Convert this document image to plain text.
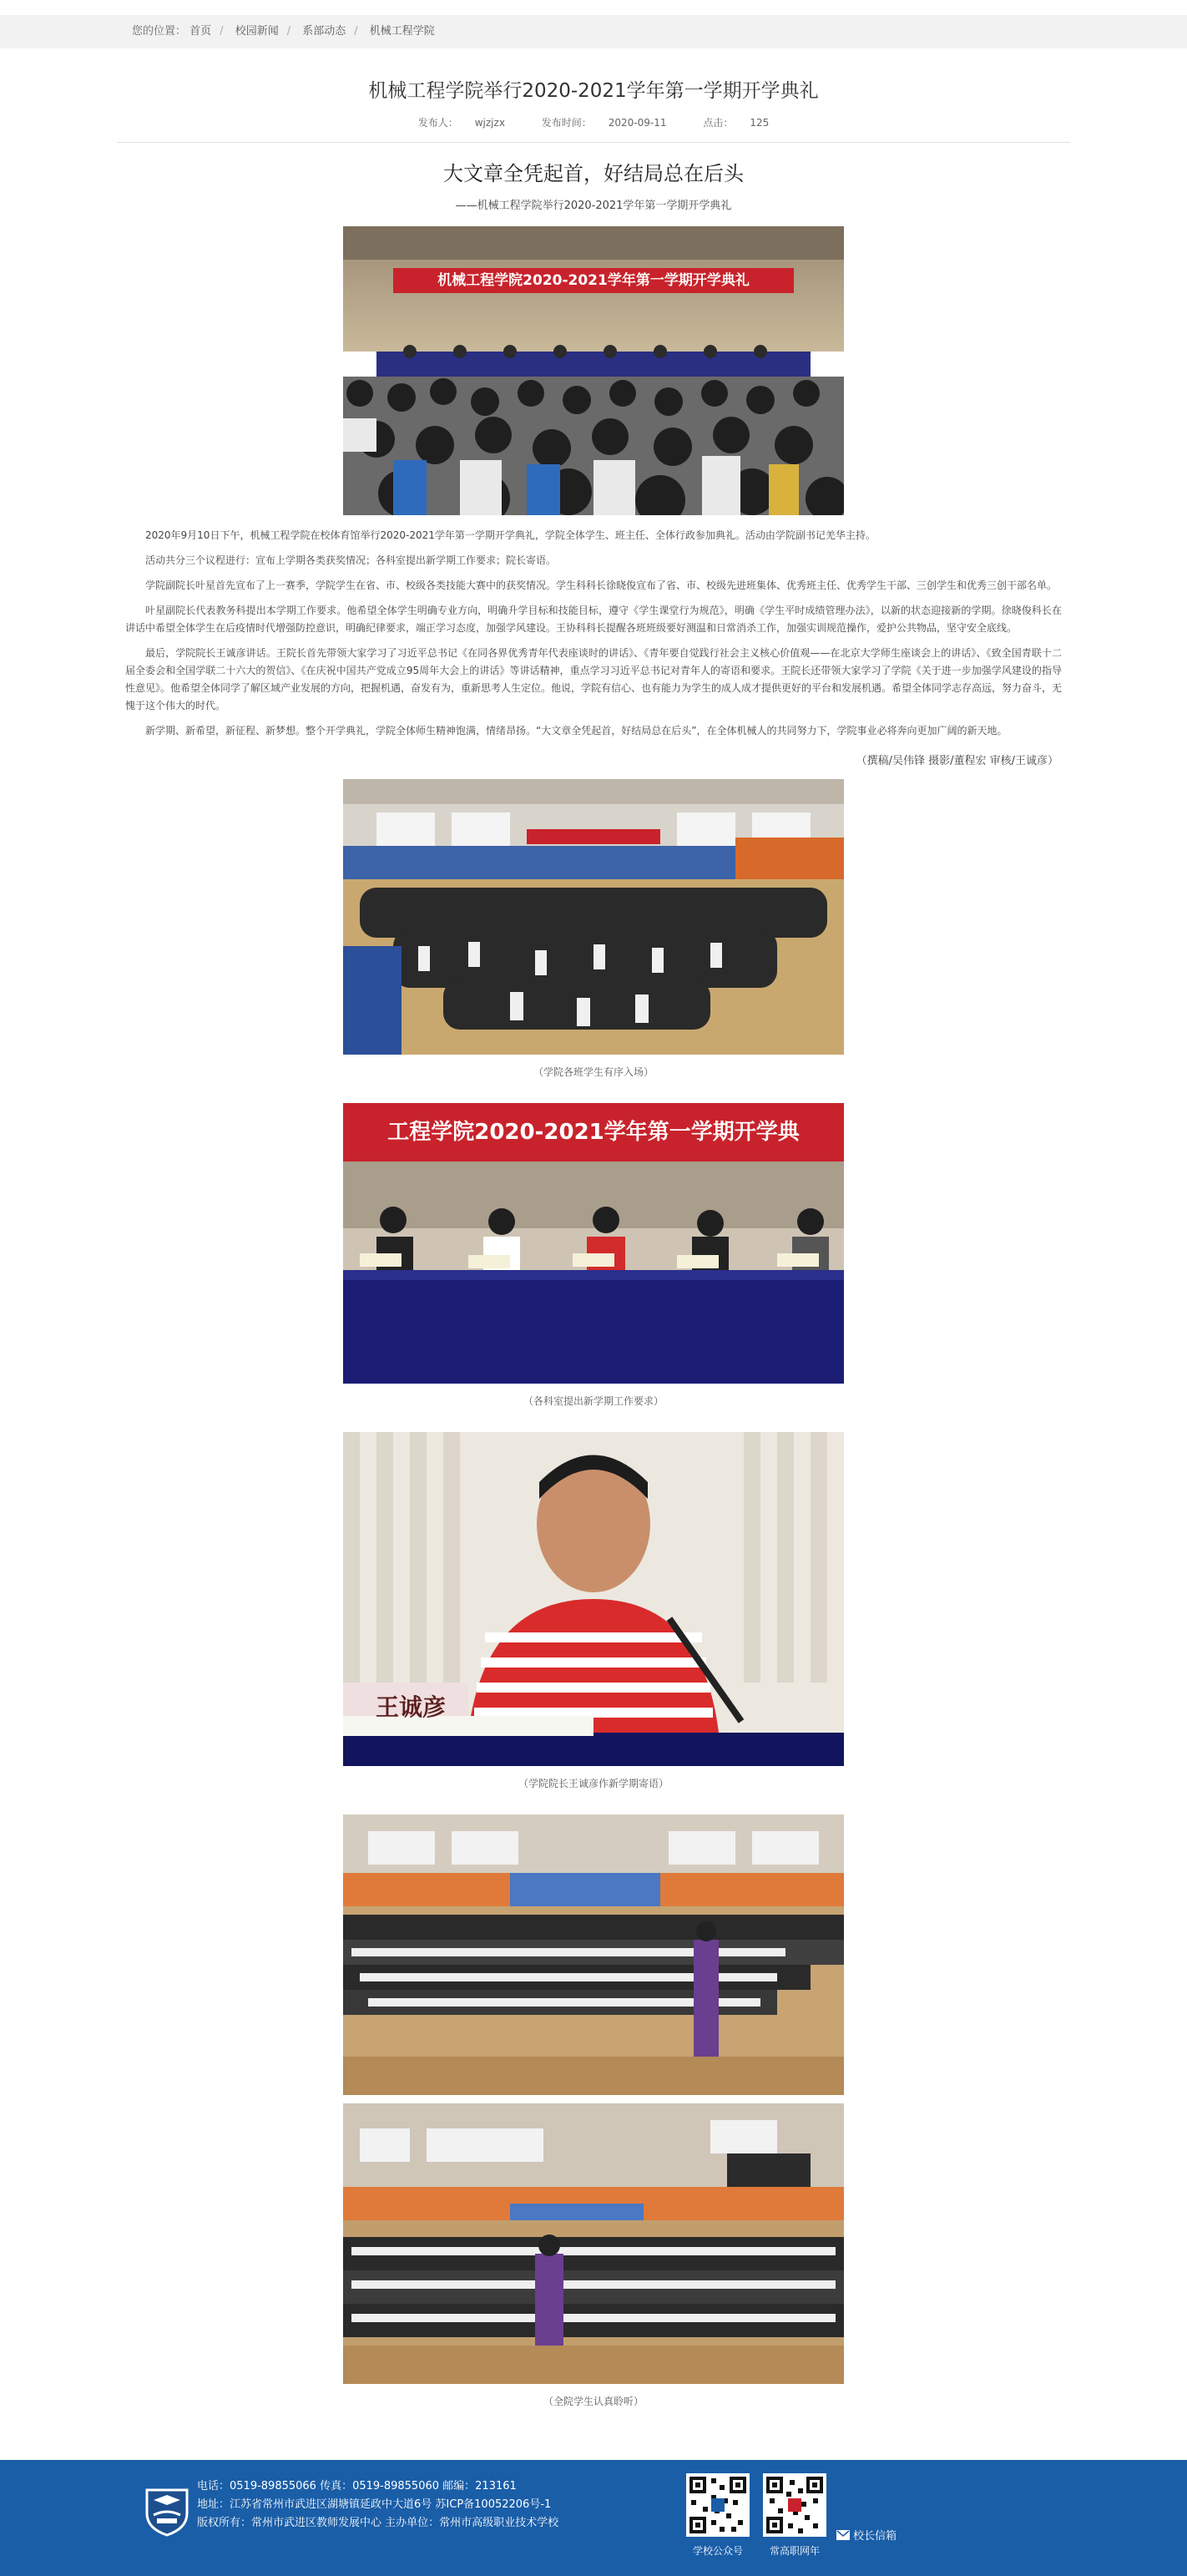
您的位置： 首页 / 校园新闻 / 系部动态 / 机械工程学院
机械工程学院举行2020-2021学年第一学期开学典礼
发布人： wjzjzx	发布时间： 2020-09-11	点击： 125
大文章全凭起首，好结局总在后头
——机械工程学院举行2020-2021学年第一学期开学典礼
机械工程学院2020-2021学年第一学期开学典礼

2020年9月10日下午，机械工程学院在校体育馆举行2020-2021学年第一学期开学典礼，学院全体学生、班主任、全体行政参加典礼。活动由学院副书记羌华主持。

活动共分三个议程进行：宣布上学期各类获奖情况；各科室提出新学期工作要求；院长寄语。

学院副院长叶星首先宣布了上一赛季，学院学生在省、市、校级各类技能大赛中的获奖情况。学生科科长徐晓俊宣布了省、市、校级先进班集体、优秀班主任、优秀学生干部、三创学生和优秀三创干部名单。

叶星副院长代表教务科提出本学期工作要求。他希望全体学生明确专业方向，明确升学目标和技能目标，遵守《学生课堂行为规范》，明确《学生平时成绩管理办法》，以新的状态迎接新的学期。徐晓俊科长在讲话中希望全体学生在后疫情时代增强防控意识，明确纪律要求，端正学习态度，加强学风建设。王协科科长提醒各班班级要好测温和日常消杀工作，加强实训规范操作，爱护公共物品，坚守安全底线。

最后，学院院长王诚彦讲话。王院长首先带领大家学习了习近平总书记《在同各界优秀青年代表座谈时的讲话》、《青年要自觉践行社会主义核心价值观——在北京大学师生座谈会上的讲话》、《致全国青联十二届全委会和全国学联二十六大的贺信》、《在庆祝中国共产党成立95周年大会上的讲话》等讲话精神，重点学习习近平总书记对青年人的寄语和要求。王院长还带领大家学习了学院《关于进一步加强学风建设的指导性意见》。他希望全体同学了解区域产业发展的方向，把握机遇，奋发有为，重新思考人生定位。他说，学院有信心、也有能力为学生的成人成才提供更好的平台和发展机遇。希望全体同学志存高远，努力奋斗，无愧于这个伟大的时代。

新学期、新希望，新征程、新梦想。整个开学典礼，学院全体师生精神饱满，情绪昂扬。“大文章全凭起首，好结局总在后头”，在全体机械人的共同努力下，学院事业必将奔向更加广阔的新天地。

（撰稿/吴伟锋 摄影/董程宏 审核/王诚彦）
（学院各班学生有序入场）
工程学院2020-2021学年第一学期开学典
（各科室提出新学期工作要求）
王诚彦
（学院院长王诚彦作新学期寄语）
（全院学生认真聆听）
电话：0519-89855066 传真：0519-89855060 邮编：213161
地址：江苏省常州市武进区湖塘镇延政中大道6号 苏ICP备10052206号-1
版权所有：常州市武进区教师发展中心 主办单位：常州市高级职业技术学校
学校公众号	常高职网年
校长信箱
